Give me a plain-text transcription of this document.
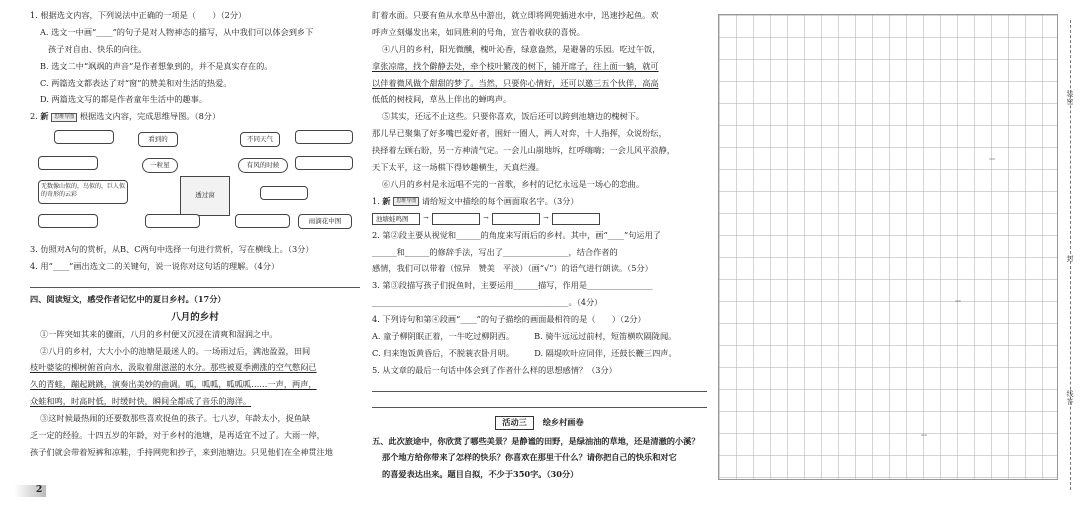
1. 根据选文内容，下列说法中正确的一项是（　　）（2分）

A. 选文一中画“____”的句子是对人物神态的描写，从中我们可以体会到乡下

孩子对自由、快乐的向往。

B. 选文二中“飒飒的声音”是作者想象到的，并不是真实存在的。

C. 两篇选文都表达了对“窗”的赞美和对生活的热爱。

D. 两篇选文写的都是作者童年生活中的趣事。

2. 新 思维导图 根据选文内容，完成思维导图。（8分）

看到的	不同天气
一粒星	有风的时候
无数像山似的，鸟似的，巨人似的奇形的云彩	透过窗
雨滴花中图

3. 仿照对A句的赏析，从B、C两句中选择一句进行赏析，写在横线上。（3分）

4. 用“____”画出选文二的关键句，说一说你对这句话的理解。（4分）

四、阅读短文，感受作者记忆中的夏日乡村。（17分）

八月的乡村

①一阵突如其来的骤雨，八月的乡村便又沉浸在清爽和湿润之中。

②八月的乡村，大大小小的池塘是最迷人的。一场雨过后，满池盈盈，田间

枝叶婆娑的柳树俯首向水，汲取着甜滋滋的水分。那些被夏季溯涨的空气憋闷已

久的青蛙，蹦起跳跳，演奏出美妙的曲调。呱，呱呱，呱呱呱……一声，两声，

众蛙和鸣，时高时低，时缓时快，瞬间全都成了音乐的海洋。

③这时候最热闹的还要数那些喜欢捉鱼的孩子。七八岁，年龄太小，捉鱼缺

乏一定的经验。十四五岁的年龄，对于乡村的池塘，是再适宜不过了。大雨一停，

孩子们就会带着短裤和凉鞋，手持网兜和抄子，来到池塘边。只见他们在全神贯注地

2

盯着水面。只要有鱼从水草丛中游出，就立即将网兜插进水中，迅速抄起鱼。欢

呼声立刻爆发出来，如同胜利的号角，宣告着收获的喜悦。

④八月的乡村，阳光微醺，槐叶沁香，绿意盎然，是避暑的乐园。吃过午饭，

拿张凉席，找个僻静去处，牵个枝叶繁茂的树下，铺开席子，往上面一躺，就可

以伴着微风做个甜甜的梦了。当然，只要你心情好，还可以邀三五个伙伴，高高

低低的树枝间，草丛上伴出的蝉鸣声。

⑤其实，还远不止这些。只要你喜欢，饭后还可以跨到池塘边的槐树下。

那儿早已聚集了好多嘴巴爱好者，围好一圈人，两人对弈，十人指挥，众说纷纭，

抉择着左顾右盼，另一方神清气定。一会儿山崩地坼，红呼嗨嗨；一会儿风平浪静，

天下太平，这一场棋下得妙趣横生，天真烂漫。

⑥八月的乡村是永远唱不完的一首歌，乡村的记忆永远是一场心的恋曲。

1. 新 思维导图 请给短文中描绘的每个画面取名字。（3分）

池塘蛙鸣图	→	→	→

2. 第②段主要从视觉和______的角度来写雨后的乡村。其中，画“____”句运用了

______和______的修辞手法，写出了________________，结合作者的

感情，我们可以带着（惊异　赞美　平淡）（画“√”）的语气进行朗读。（5分）

3. 第③段描写孩子们捉鱼时，主要运用______描写，作用是________________

________________________________________________。（4分）

4. 下列诗句和第④段画“____”的句子描绘的画面最相符的是（　　）（2分）

A. 童子柳阴眠正着，一牛吃过柳阴西。 B. 骑牛远远过前村，短笛横吹隔陇闻。

C. 归来饱饭黄昏后，不脱蓑衣卧月明。 D. 隔堤吹叶应同伴，还鼓长鞭三四声。

5. 从文章的最后一句话中体会到了作者什么样的思想感情？（3分）

活动三 绘乡村画卷

五、此次旅途中，你欣赏了哪些美景？是静谧的田野，是绿油油的草地，还是清澈的小溪？

那个地方给你带来了怎样的快乐？你喜欢在那里干什么？请你把自己的快乐和对它

的喜爱表达出来。题目自拟，不少于350字。（30分）

200
300
400
装　密
封
线　答
